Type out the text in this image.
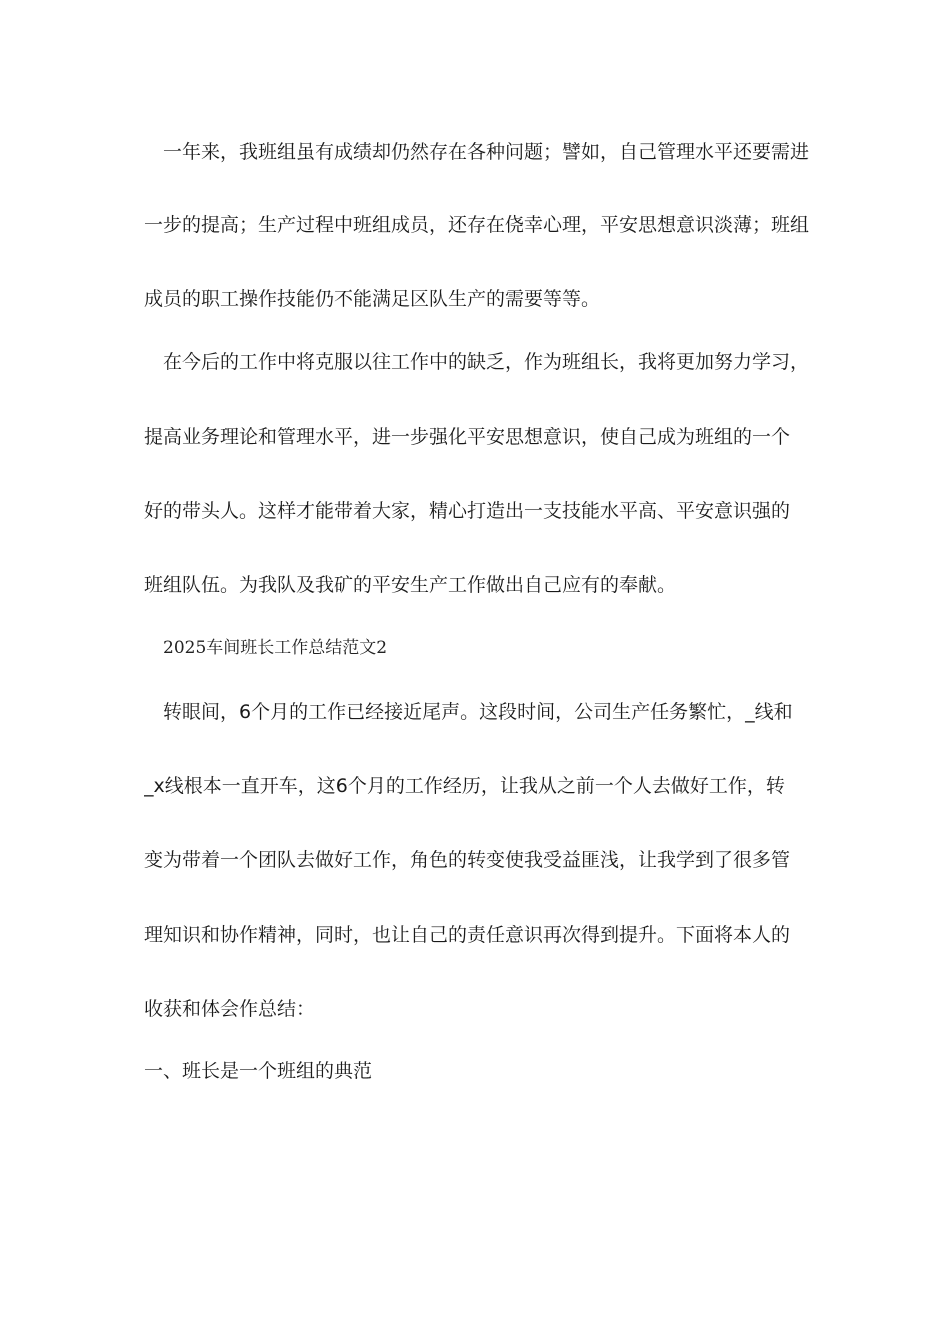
一年来，我班组虽有成绩却仍然存在各种问题；譬如，自己管理水平还要需进
一步的提高；生产过程中班组成员，还存在侥幸心理，平安思想意识淡薄；班组
成员的职工操作技能仍不能满足区队生产的需要等等。
在今后的工作中将克服以往工作中的缺乏，作为班组长，我将更加努力学习，
提高业务理论和管理水平，进一步强化平安思想意识，使自己成为班组的一个
好的带头人。这样才能带着大家，精心打造出一支技能水平高、平安意识强的
班组队伍。为我队及我矿的平安生产工作做出自己应有的奉献。
2025车间班长工作总结范文2
转眼间，6个月的工作已经接近尾声。这段时间，公司生产任务繁忙，_线和
_x线根本一直开车，这6个月的工作经历，让我从之前一个人去做好工作，转
变为带着一个团队去做好工作，角色的转变使我受益匪浅，让我学到了很多管
理知识和协作精神，同时，也让自己的责任意识再次得到提升。下面将本人的
收获和体会作总结：
一、班长是一个班组的典范
